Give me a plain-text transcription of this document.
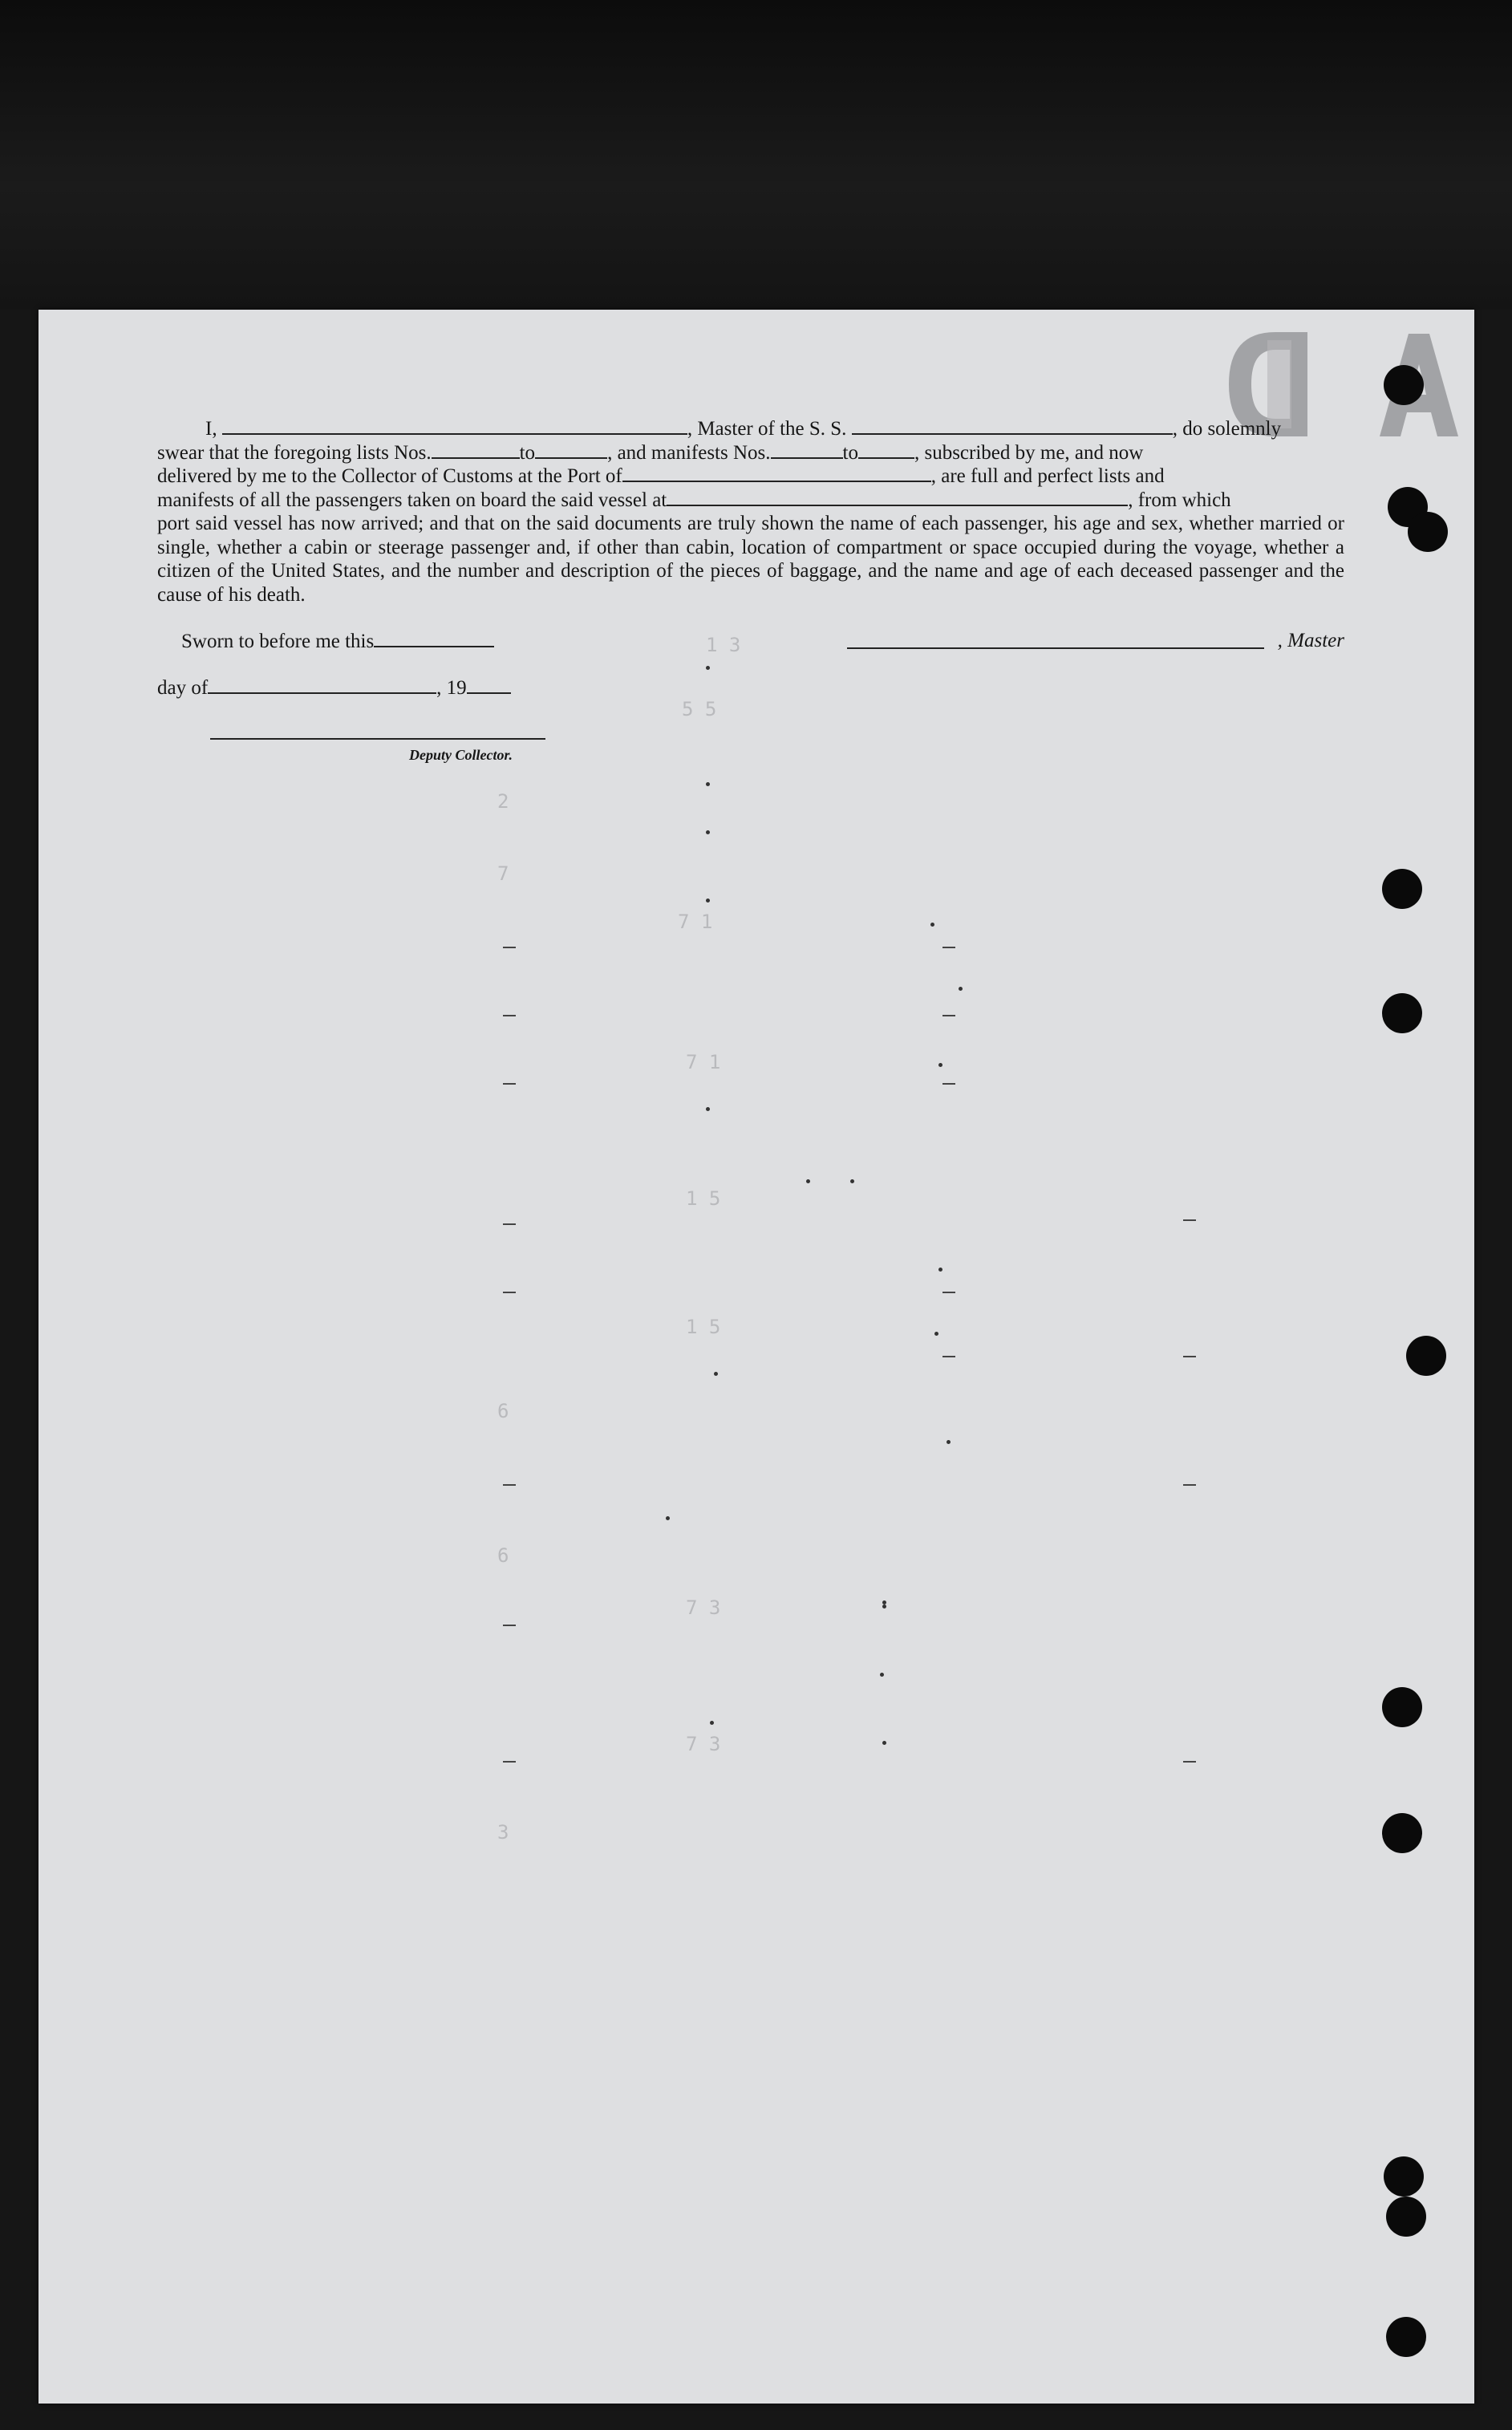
I,	, Master of the S. S.	, do solemnly

swear that the foregoing lists Nos.	to	, and manifests Nos.	to	, subscribed by me, and now

delivered by me to the Collector of Customs at the Port of	, are full and perfect lists and

manifests of all the passengers taken on board the said vessel at	, from which

port said vessel has now arrived; and that on the said documents are truly shown the name of each passenger, his age and sex, whether married or single, whether a cabin or steerage passenger and, if other than cabin, location of compartment or space occupied during the voyage, whether a citizen of the United States, and the number and description of the pieces of baggage, and the name and age of each deceased passenger and the cause of his death.

Sworn to before me this
day of	, 19
, Master
Deputy Collector.
1 3
5 5
7 1
7 1
1 5
1 5
7 3
7 3
2
7
6
6
3
